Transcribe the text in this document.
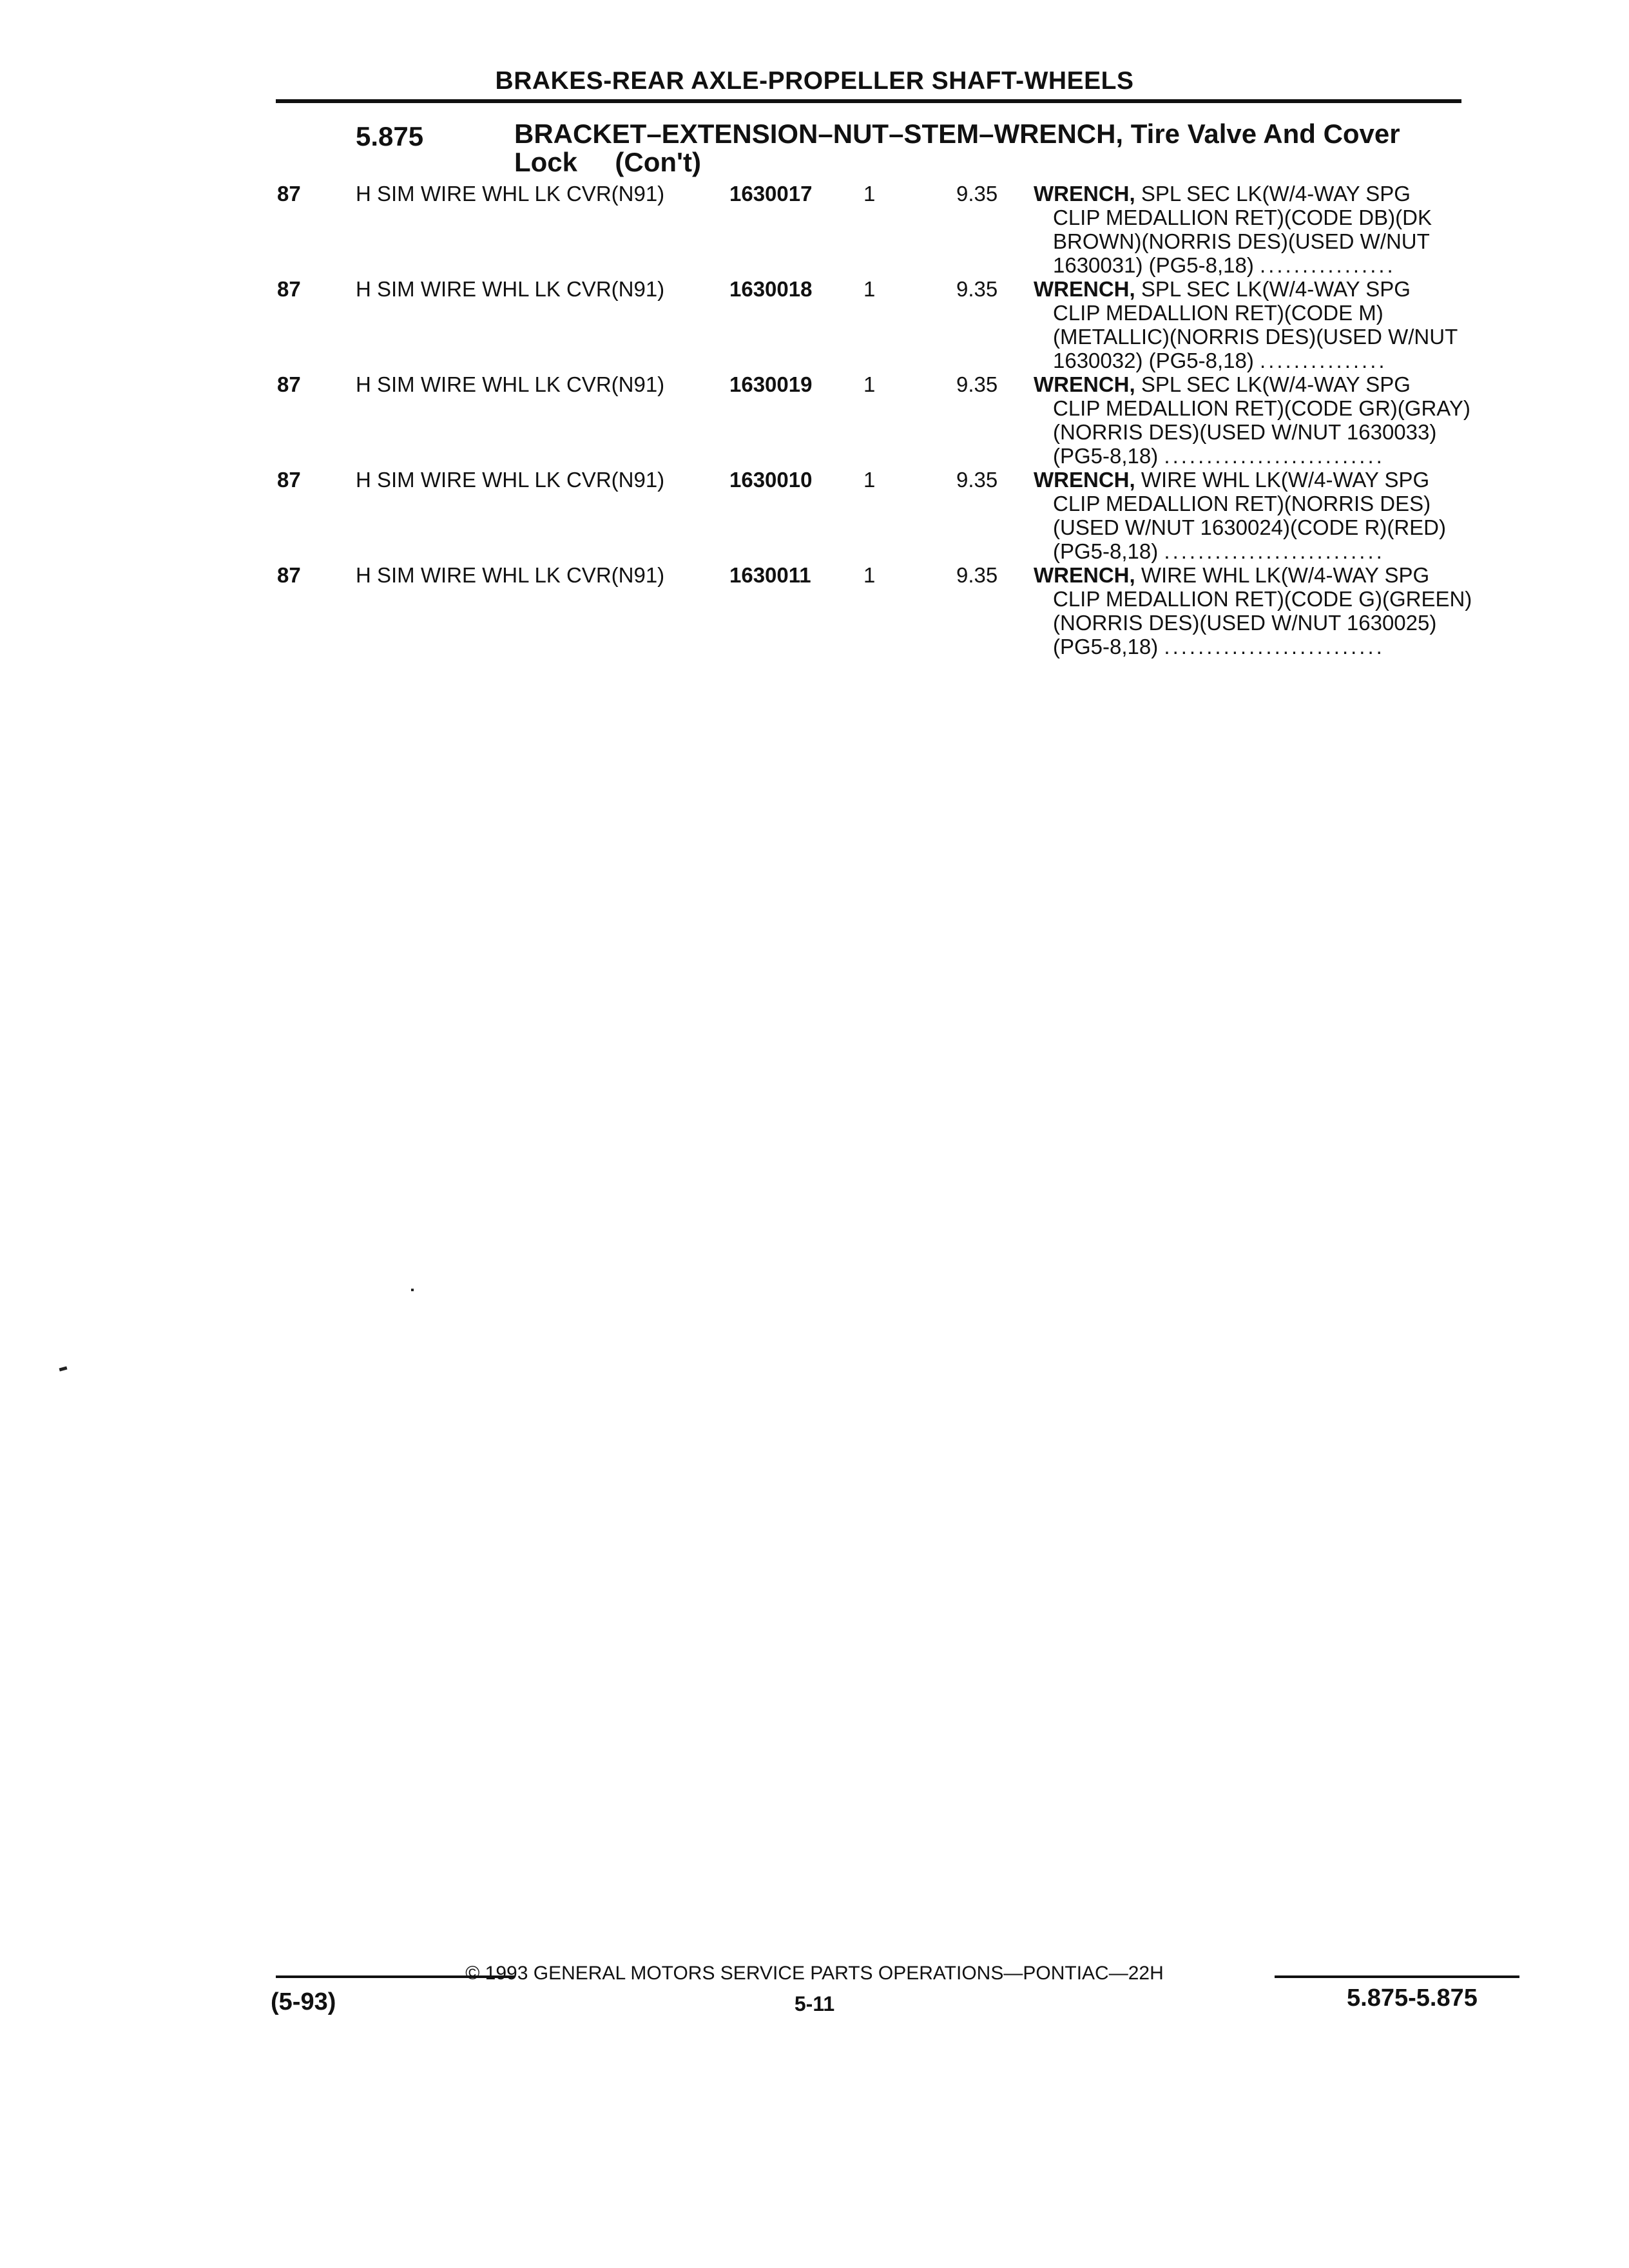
BRAKES-REAR AXLE-PROPELLER SHAFT-WHEELS
5.875	BRACKET–EXTENSION–NUT–STEM–WRENCH, Tire Valve And Cover
Lock     (Con't)
87	H SIM WIRE WHL LK CVR(N91)	1630017 1	9.35 WRENCH, SPL SEC LK(W/4-WAY SPG
CLIP MEDALLION RET)(CODE DB)(DK
BROWN)(NORRIS DES)(USED W/NUT
1630031) (PG5-8,18) ................
87	H SIM WIRE WHL LK CVR(N91)	1630018 1	9.35 WRENCH, SPL SEC LK(W/4-WAY SPG
CLIP MEDALLION RET)(CODE M)
(METALLIC)(NORRIS DES)(USED W/NUT
1630032) (PG5-8,18) ...............
87	H SIM WIRE WHL LK CVR(N91)	1630019 1	9.35 WRENCH, SPL SEC LK(W/4-WAY SPG
CLIP MEDALLION RET)(CODE GR)(GRAY)
(NORRIS DES)(USED W/NUT 1630033)
(PG5-8,18) ..........................
87	H SIM WIRE WHL LK CVR(N91)	1630010 1	9.35 WRENCH, WIRE WHL LK(W/4-WAY SPG
CLIP MEDALLION RET)(NORRIS DES)
(USED W/NUT 1630024)(CODE R)(RED)
(PG5-8,18) ..........................
87	H SIM WIRE WHL LK CVR(N91)	1630011 1	9.35 WRENCH, WIRE WHL LK(W/4-WAY SPG
CLIP MEDALLION RET)(CODE G)(GREEN)
(NORRIS DES)(USED W/NUT 1630025)
(PG5-8,18) ..........................
© 1993 GENERAL MOTORS SERVICE PARTS OPERATIONS—PONTIAC—22H
(5-93)	5-11	5.875-5.875
